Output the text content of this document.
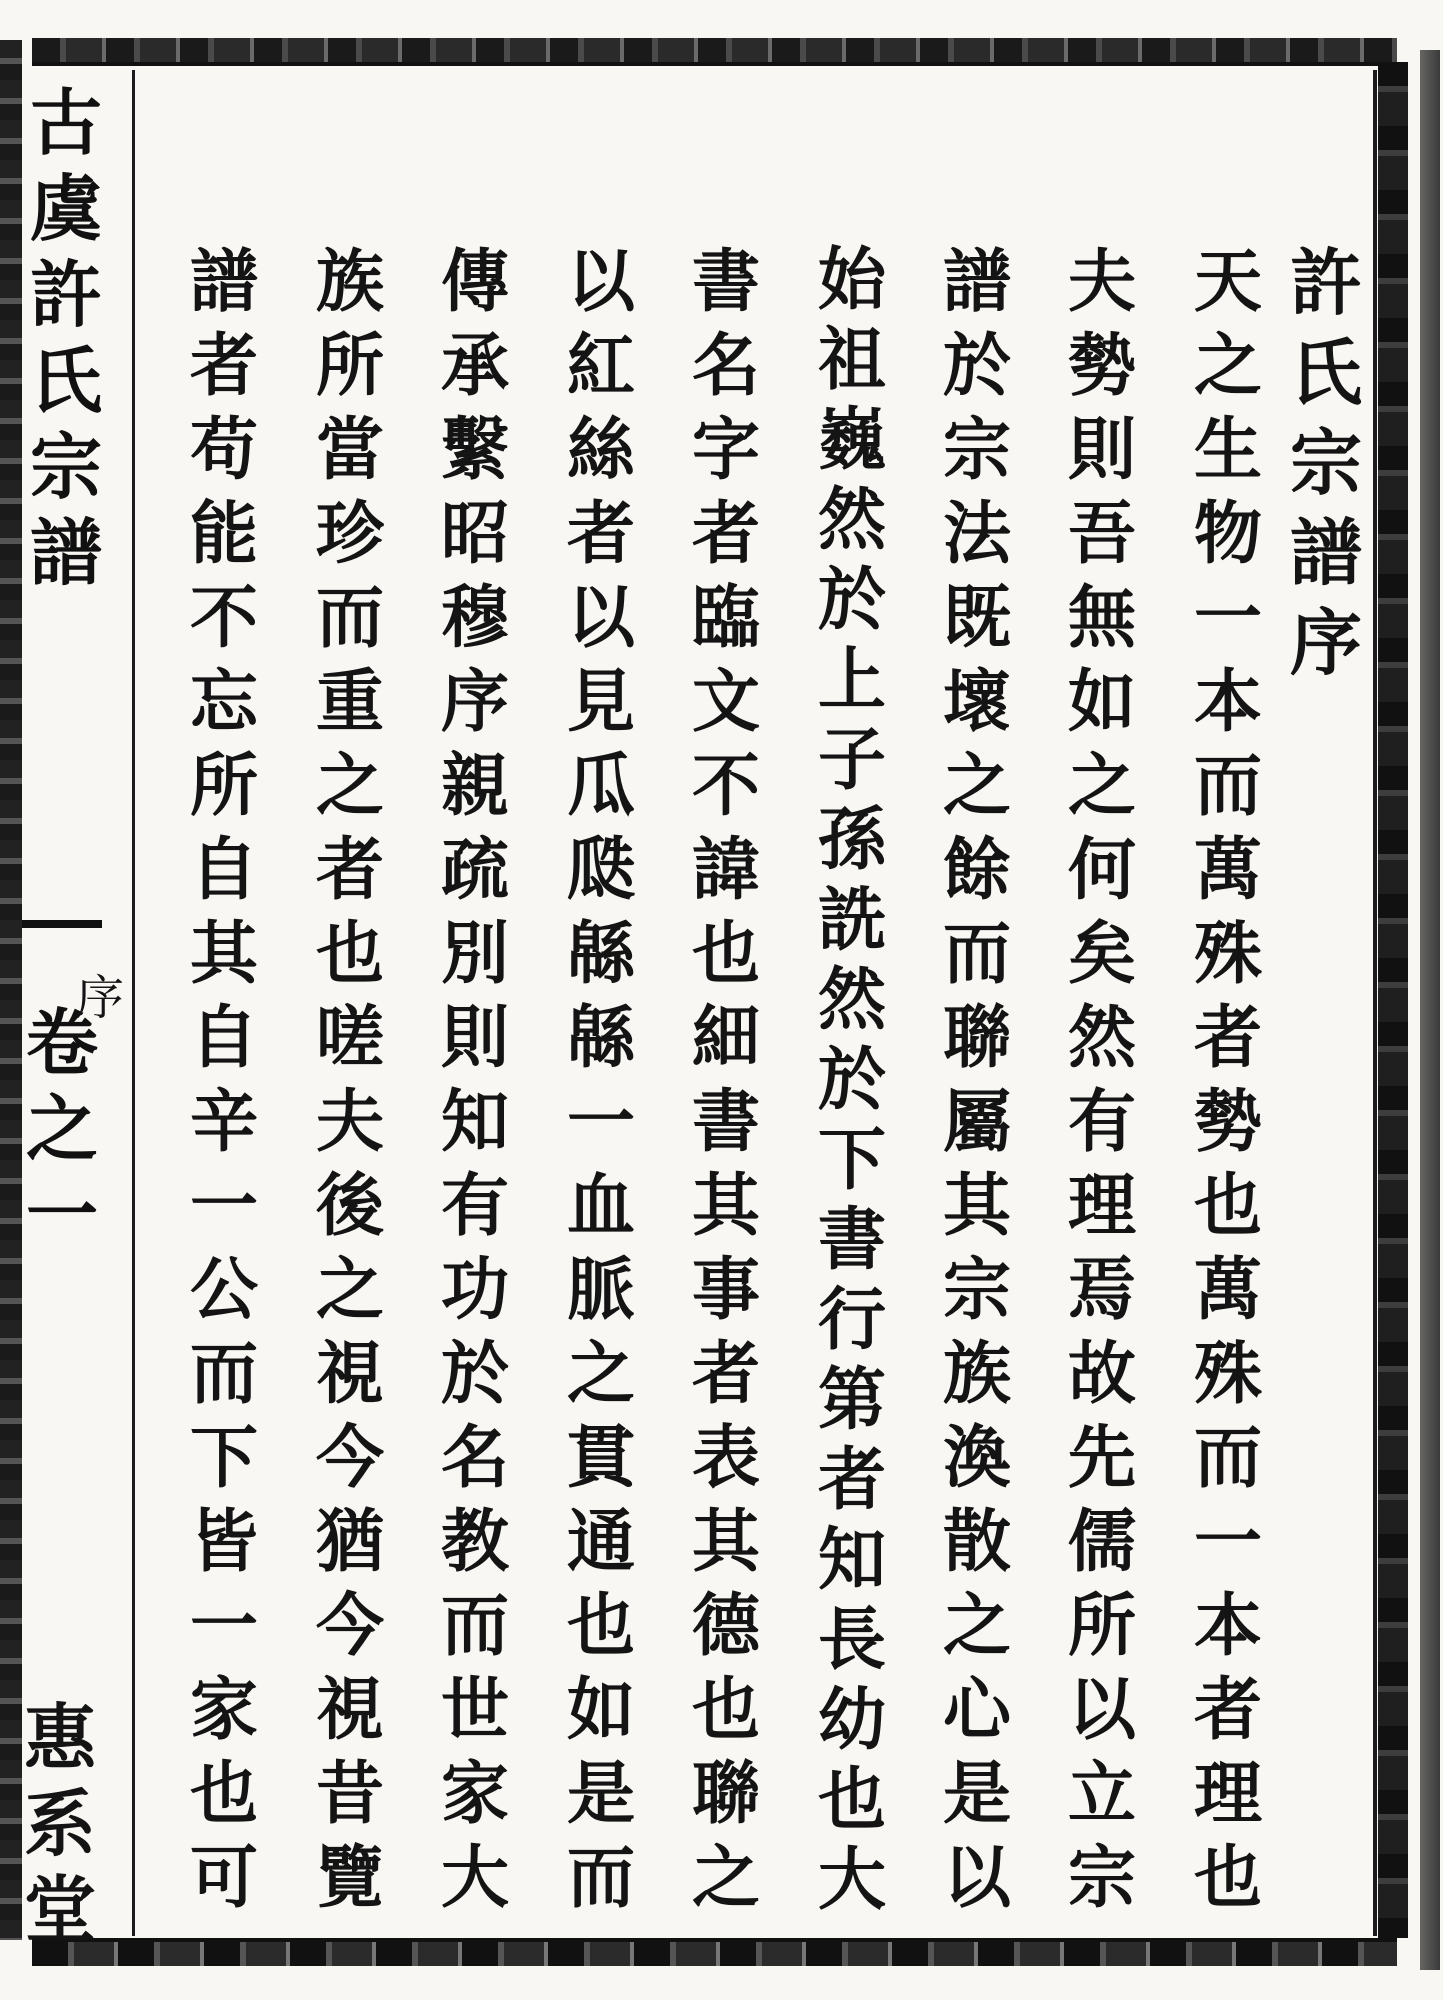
古
虞
許
氏
宗
譜
卷
之
一
序
惠
系
堂
許
氏
宗
譜
序
天
之
生
物
一
本
而
萬
殊
者
勢
也
萬
殊
而
一
本
者
理
也
夫
勢
則
吾
無
如
之
何
矣
然
有
理
焉
故
先
儒
所
以
立
宗
譜
於
宗
法
既
壞
之
餘
而
聯
屬
其
宗
族
渙
散
之
心
是
以
始
祖
巍
然
於
上
子
孫
詵
然
於
下
書
行
第
者
知
長
幼
也
大
書
名
字
者
臨
文
不
諱
也
細
書
其
事
者
表
其
德
也
聯
之
以
紅
絲
者
以
見
瓜
瓞
緜
緜
一
血
脈
之
貫
通
也
如
是
而
傳
承
繫
昭
穆
序
親
疏
別
則
知
有
功
於
名
教
而
世
家
大
族
所
當
珍
而
重
之
者
也
嗟
夫
後
之
視
今
猶
今
視
昔
覽
譜
者
苟
能
不
忘
所
自
其
自
辛
一
公
而
下
皆
一
家
也
可
